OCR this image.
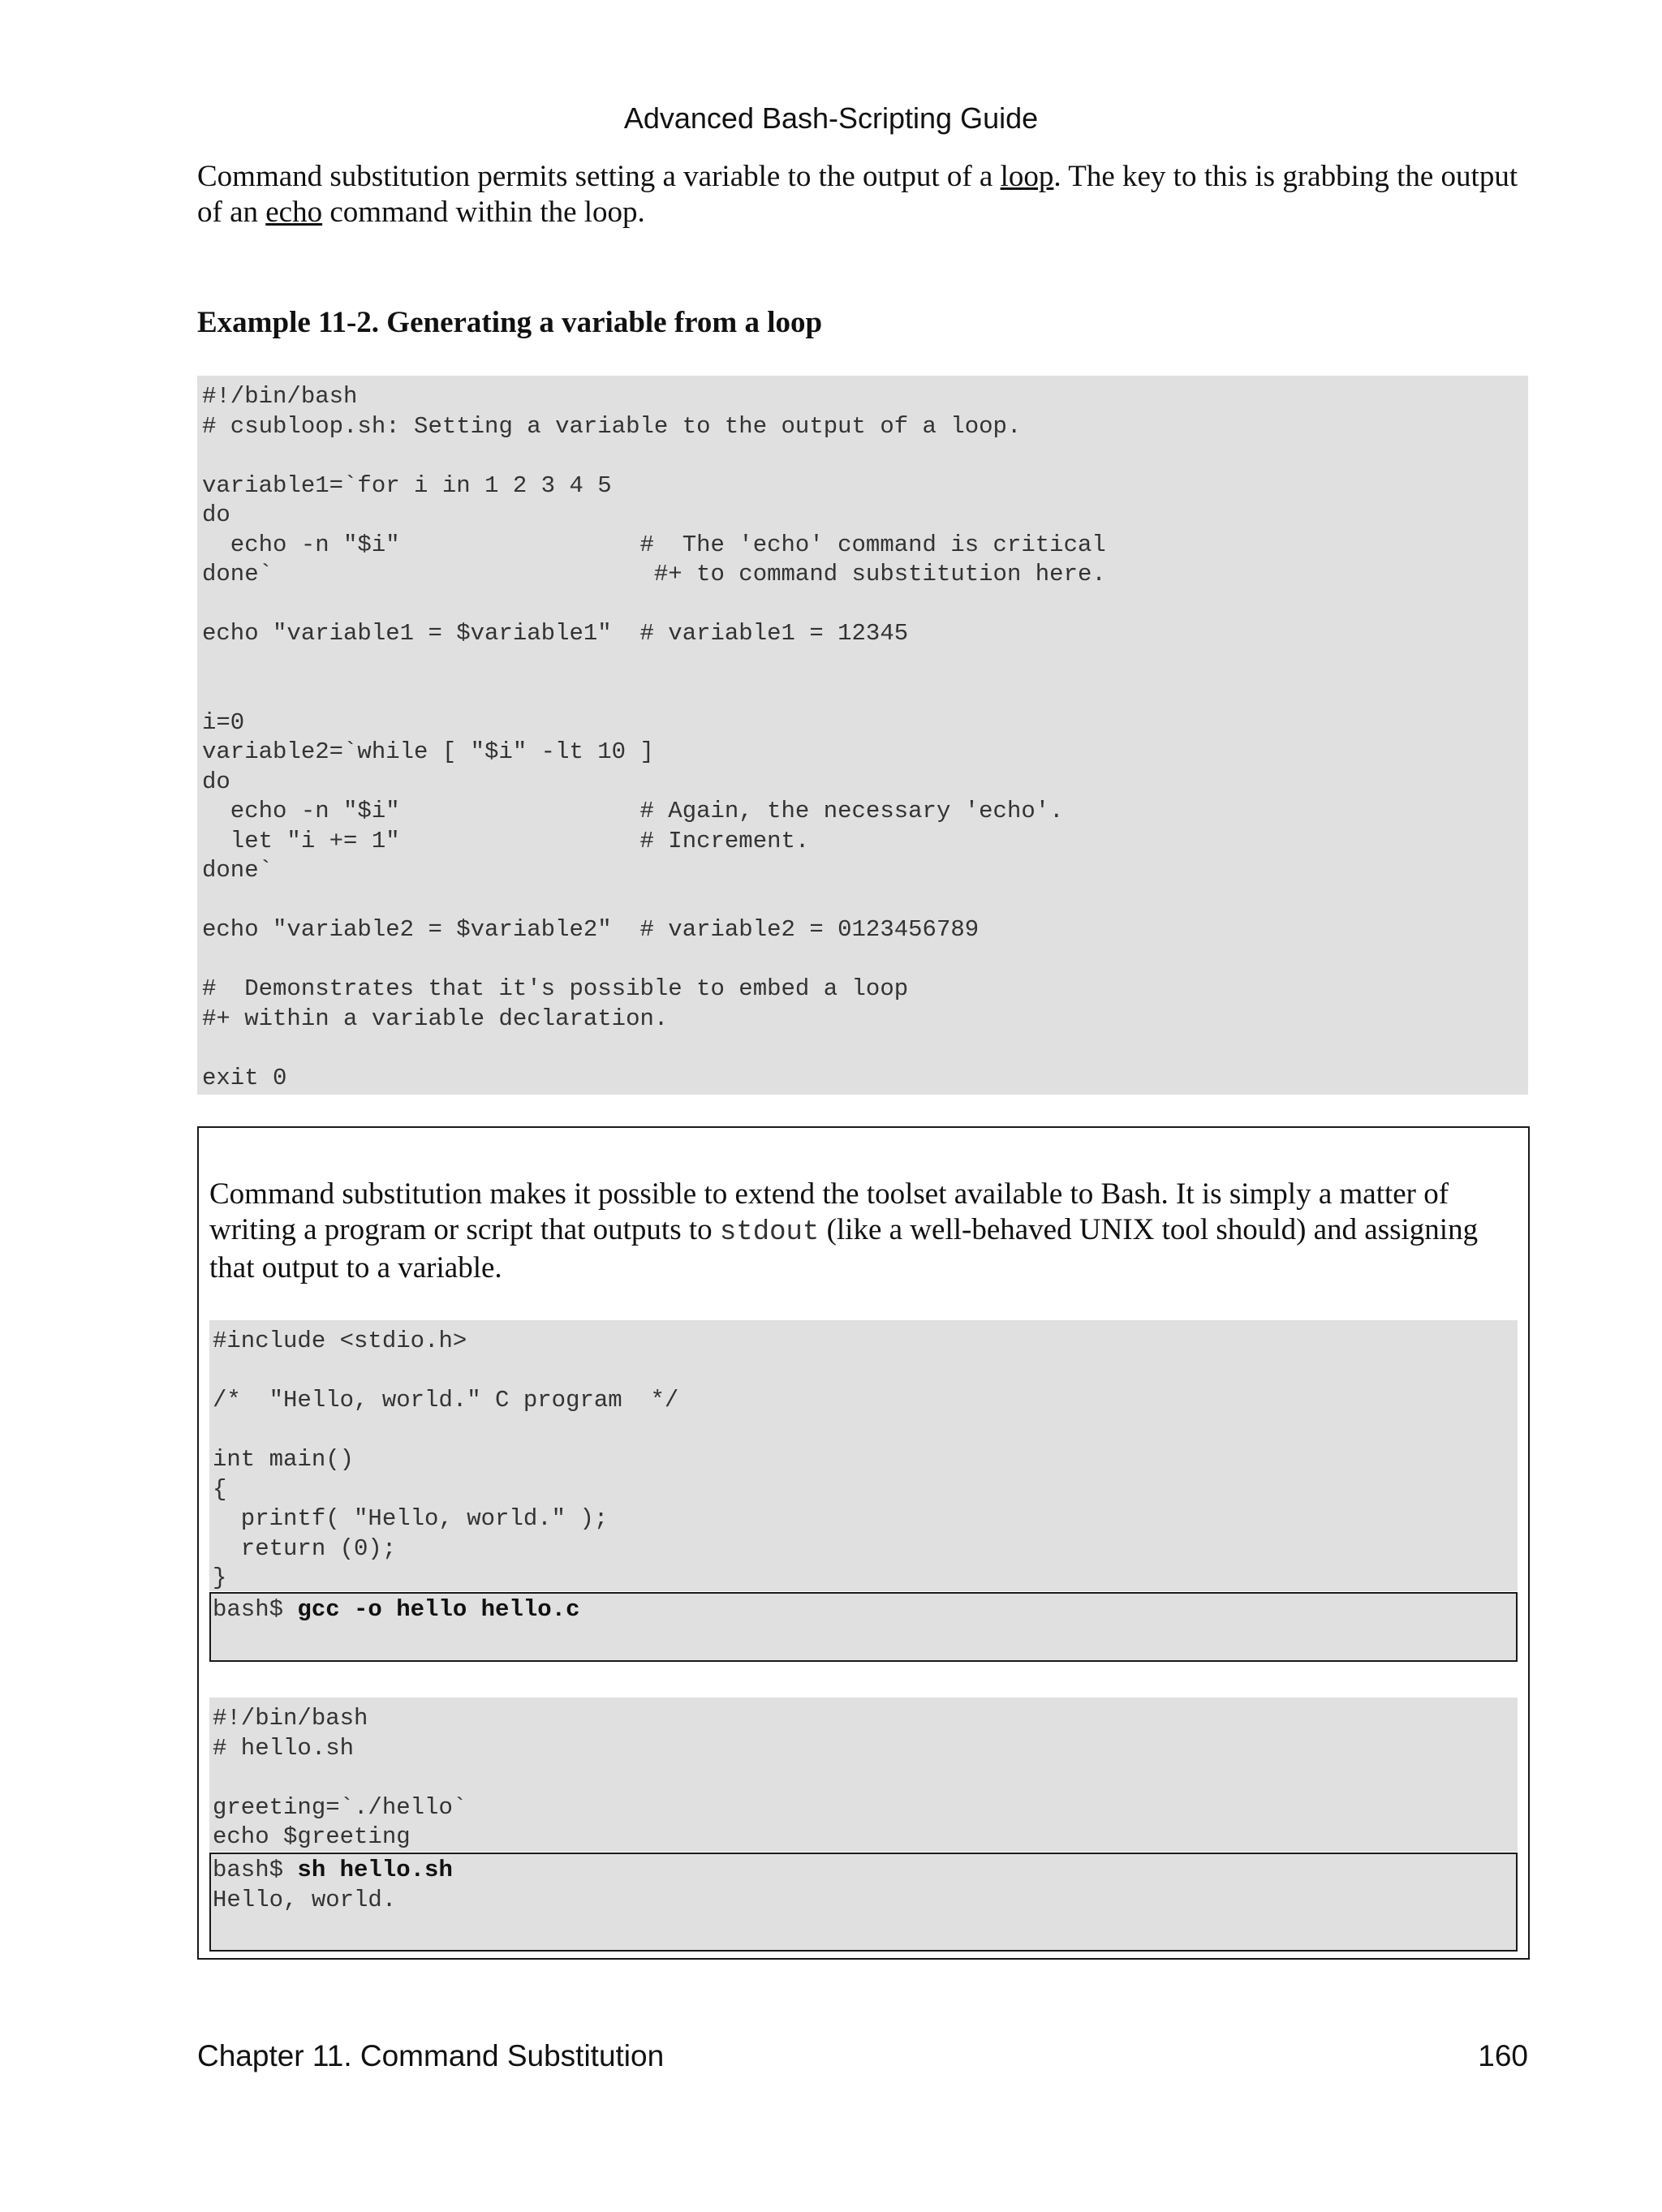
Advanced Bash-Scripting Guide

Command substitution permits setting a variable to the output of a loop. The key to this is grabbing the output of an echo command within the loop.

Example 11-2. Generating a variable from a loop
#!/bin/bash
# csubloop.sh: Setting a variable to the output of a loop.

variable1=`for i in 1 2 3 4 5
do
echo -n "$i"                 #  The 'echo' command is critical
done`                           #+ to command substitution here.

echo "variable1 = $variable1"  # variable1 = 12345

i=0
variable2=`while [ "$i" -lt 10 ]
do
echo -n "$i"                 # Again, the necessary 'echo'.
let "i += 1"                 # Increment.
done`

echo "variable2 = $variable2"  # variable2 = 0123456789

#  Demonstrates that it's possible to embed a loop
#+ within a variable declaration.

exit 0

Command substitution makes it possible to extend the toolset available to Bash. It is simply a matter of writing a program or script that outputs to stdout (like a well-behaved UNIX tool should) and assigning that output to a variable.

#include <stdio.h>

/*  "Hello, world." C program  */

int main()
{
printf( "Hello, world." );
return (0);
}
bash$ gcc -o hello hello.c
#!/bin/bash
# hello.sh

greeting=`./hello`
echo $greeting
bash$ sh hello.sh
Hello, world.
Chapter 11. Command Substitution	160
